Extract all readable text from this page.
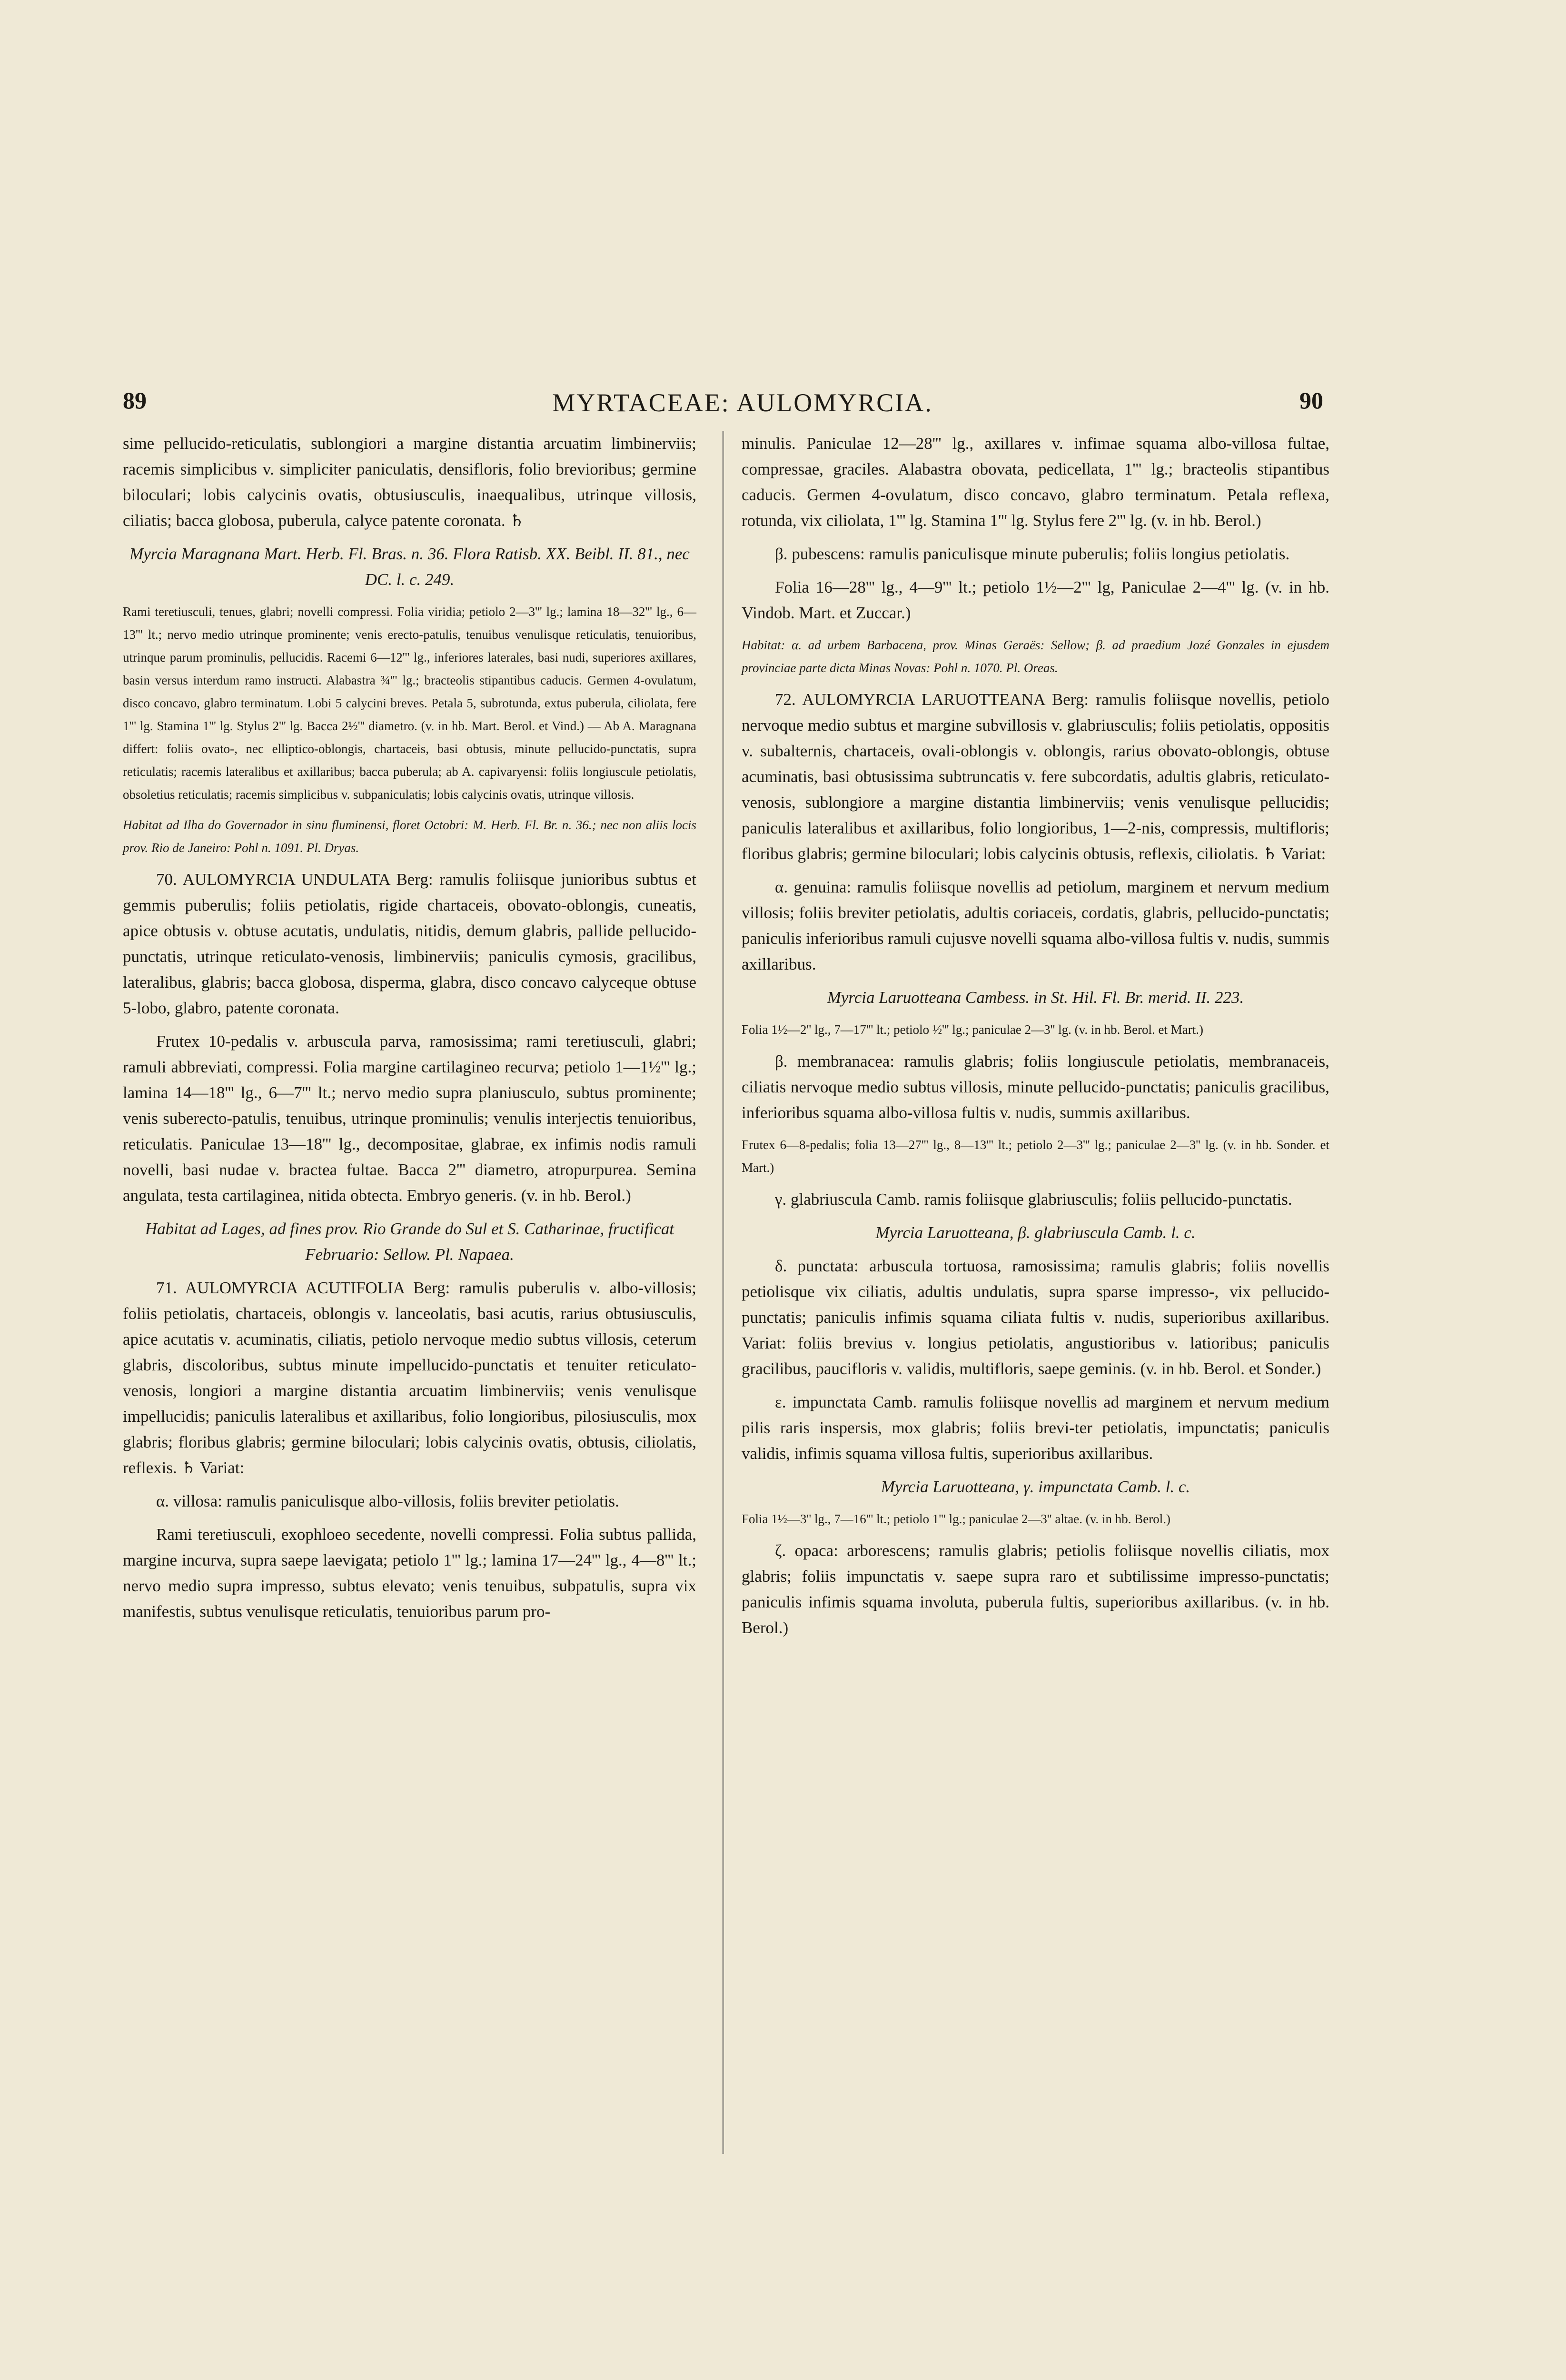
89	MYRTACEAE: AULOMYRCIA.	90

sime pellucido-reticulatis, sublongiori a margine distantia arcuatim limbinerviis; racemis simplicibus v. simpliciter paniculatis, densifloris, folio brevioribus; germine biloculari; lobis calycinis ovatis, obtusiusculis, inaequalibus, utrinque villosis, ciliatis; bacca globosa, puberula, calyce patente coronata. ♄

Myrcia Maragnana Mart. Herb. Fl. Bras. n. 36. Flora Ratisb. XX. Beibl. II. 81., nec DC. l. c. 249.

Rami teretiusculi, tenues, glabri; novelli compressi. Folia viridia; petiolo 2—3''' lg.; lamina 18—32''' lg., 6—13''' lt.; nervo medio utrinque prominente; venis erecto-patulis, tenuibus venulisque reticulatis, tenuioribus, utrinque parum prominulis, pellucidis. Racemi 6—12''' lg., inferiores laterales, basi nudi, superiores axillares, basin versus interdum ramo instructi. Alabastra ¾''' lg.; bracteolis stipantibus caducis. Germen 4-ovulatum, disco concavo, glabro terminatum. Lobi 5 calycini breves. Petala 5, subrotunda, extus puberula, ciliolata, fere 1''' lg. Stamina 1''' lg. Stylus 2''' lg. Bacca 2½''' diametro. (v. in hb. Mart. Berol. et Vind.) — Ab A. Maragnana differt: foliis ovato-, nec elliptico-oblongis, chartaceis, basi obtusis, minute pellucido-punctatis, supra reticulatis; racemis lateralibus et axillaribus; bacca puberula; ab A. capivaryensi: foliis longiuscule petiolatis, obsoletius reticulatis; racemis simplicibus v. subpaniculatis; lobis calycinis ovatis, utrinque villosis.

Habitat ad Ilha do Governador in sinu fluminensi, floret Octobri: M. Herb. Fl. Br. n. 36.; nec non aliis locis prov. Rio de Janeiro: Pohl n. 1091. Pl. Dryas.

70. AULOMYRCIA UNDULATA Berg: ramulis foliisque junioribus subtus et gemmis puberulis; foliis petiolatis, rigide chartaceis, obovato-oblongis, cuneatis, apice obtusis v. obtuse acutatis, undulatis, nitidis, demum glabris, pallide pellucido-punctatis, utrinque reticulato-venosis, limbinerviis; paniculis cymosis, gracilibus, lateralibus, glabris; bacca globosa, disperma, glabra, disco concavo calyceque obtuse 5-lobo, glabro, patente coronata.

Frutex 10-pedalis v. arbuscula parva, ramosissima; rami teretiusculi, glabri; ramuli abbreviati, compressi. Folia margine cartilagineo recurva; petiolo 1—1½''' lg.; lamina 14—18''' lg., 6—7''' lt.; nervo medio supra planiusculo, subtus prominente; venis suberecto-patulis, tenuibus, utrinque prominulis; venulis interjectis tenuioribus, reticulatis. Paniculae 13—18''' lg., decompositae, glabrae, ex infimis nodis ramuli novelli, basi nudae v. bractea fultae. Bacca 2''' diametro, atropurpurea. Semina angulata, testa cartilaginea, nitida obtecta. Embryo generis. (v. in hb. Berol.)

Habitat ad Lages, ad fines prov. Rio Grande do Sul et S. Catharinae, fructificat Februario: Sellow. Pl. Napaea.

71. AULOMYRCIA ACUTIFOLIA Berg: ramulis puberulis v. albo-villosis; foliis petiolatis, chartaceis, oblongis v. lanceolatis, basi acutis, rarius obtusiusculis, apice acutatis v. acuminatis, ciliatis, petiolo nervoque medio subtus villosis, ceterum glabris, discoloribus, subtus minute impellucido-punctatis et tenuiter reticulato-venosis, longiori a margine distantia arcuatim limbinerviis; venis venulisque impellucidis; paniculis lateralibus et axillaribus, folio longioribus, pilosiusculis, mox glabris; floribus glabris; germine biloculari; lobis calycinis ovatis, obtusis, ciliolatis, reflexis. ♄ Variat:

α. villosa: ramulis paniculisque albo-villosis, foliis breviter petiolatis.

Rami teretiusculi, exophloeo secedente, novelli compressi. Folia subtus pallida, margine incurva, supra saepe laevigata; petiolo 1''' lg.; lamina 17—24''' lg., 4—8''' lt.; nervo medio supra impresso, subtus elevato; venis tenuibus, subpatulis, supra vix manifestis, subtus venulisque reticulatis, tenuioribus parum pro-

minulis. Paniculae 12—28''' lg., axillares v. infimae squama albo-villosa fultae, compressae, graciles. Alabastra obovata, pedicellata, 1''' lg.; bracteolis stipantibus caducis. Germen 4-ovulatum, disco concavo, glabro terminatum. Petala reflexa, rotunda, vix ciliolata, 1''' lg. Stamina 1''' lg. Stylus fere 2''' lg. (v. in hb. Berol.)

β. pubescens: ramulis paniculisque minute puberulis; foliis longius petiolatis.

Folia 16—28''' lg., 4—9''' lt.; petiolo 1½—2''' lg, Paniculae 2—4''' lg. (v. in hb. Vindob. Mart. et Zuccar.)

Habitat: α. ad urbem Barbacena, prov. Minas Geraës: Sellow; β. ad praedium Jozé Gonzales in ejusdem provinciae parte dicta Minas Novas: Pohl n. 1070. Pl. Oreas.

72. AULOMYRCIA LARUOTTEANA Berg: ramulis foliisque novellis, petiolo nervoque medio subtus et margine subvillosis v. glabriusculis; foliis petiolatis, oppositis v. subalternis, chartaceis, ovali-oblongis v. oblongis, rarius obovato-oblongis, obtuse acuminatis, basi obtusissima subtruncatis v. fere subcordatis, adultis glabris, reticulato-venosis, sublongiore a margine distantia limbinerviis; venis venulisque pellucidis; paniculis lateralibus et axillaribus, folio longioribus, 1—2-nis, compressis, multifloris; floribus glabris; germine biloculari; lobis calycinis obtusis, reflexis, ciliolatis. ♄ Variat:

α. genuina: ramulis foliisque novellis ad petiolum, marginem et nervum medium villosis; foliis breviter petiolatis, adultis coriaceis, cordatis, glabris, pellucido-punctatis; paniculis inferioribus ramuli cujusve novelli squama albo-villosa fultis v. nudis, summis axillaribus.

Myrcia Laruotteana Cambess. in St. Hil. Fl. Br. merid. II. 223.

Folia 1½—2'' lg., 7—17''' lt.; petiolo ½''' lg.; paniculae 2—3'' lg. (v. in hb. Berol. et Mart.)

β. membranacea: ramulis glabris; foliis longiuscule petiolatis, membranaceis, ciliatis nervoque medio subtus villosis, minute pellucido-punctatis; paniculis gracilibus, inferioribus squama albo-villosa fultis v. nudis, summis axillaribus.

Frutex 6—8-pedalis; folia 13—27''' lg., 8—13''' lt.; petiolo 2—3''' lg.; paniculae 2—3'' lg. (v. in hb. Sonder. et Mart.)

γ. glabriuscula Camb. ramis foliisque glabriusculis; foliis pellucido-punctatis.

Myrcia Laruotteana, β. glabriuscula Camb. l. c.

δ. punctata: arbuscula tortuosa, ramosissima; ramulis glabris; foliis novellis petiolisque vix ciliatis, adultis undulatis, supra sparse impresso-, vix pellucido-punctatis; paniculis infimis squama ciliata fultis v. nudis, superioribus axillaribus. Variat: foliis brevius v. longius petiolatis, angustioribus v. latioribus; paniculis gracilibus, paucifloris v. validis, multifloris, saepe geminis. (v. in hb. Berol. et Sonder.)

ε. impunctata Camb. ramulis foliisque novellis ad marginem et nervum medium pilis raris inspersis, mox glabris; foliis brevi-ter petiolatis, impunctatis; paniculis validis, infimis squama villosa fultis, superioribus axillaribus.

Myrcia Laruotteana, γ. impunctata Camb. l. c.

Folia 1½—3'' lg., 7—16''' lt.; petiolo 1''' lg.; paniculae 2—3'' altae. (v. in hb. Berol.)

ζ. opaca: arborescens; ramulis glabris; petiolis foliisque novellis ciliatis, mox glabris; foliis impunctatis v. saepe supra raro et subtilissime impresso-punctatis; paniculis infimis squama involuta, puberula fultis, superioribus axillaribus. (v. in hb. Berol.)
